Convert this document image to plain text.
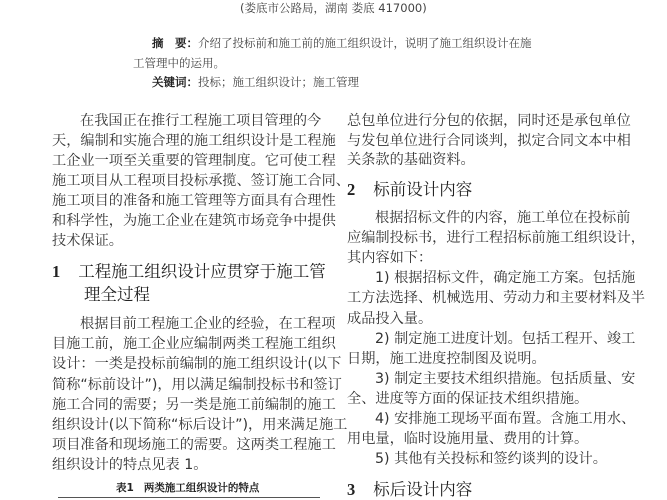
(娄底市公路局，湖南 娄底 417000)
摘　要：介绍了投标前和施工前的施工组织设计，说明了施工组织设计在施
工管理中的运用。
关键词：投标；施工组织设计；施工管理
在我国正在推行工程施工项目管理的今
天，编制和实施合理的施工组织设计是工程施
工企业一项至关重要的管理制度。它可使工程
施工项目从工程项目投标承揽、签订施工合同、
施工项目的准备和施工管理等方面具有合理性
和科学性，为施工企业在建筑市场竞争中提供
技术保证。
根据目前工程施工企业的经验，在工程项
目施工前，施工企业应编制两类工程施工组织
设计：一类是投标前编制的施工组织设计(以下
简称“标前设计”)，用以满足编制投标书和签订
施工合同的需要；另一类是施工前编制的施工
组织设计(以下简称“标后设计”)，用来满足施工
项目准备和现场施工的需要。这两类工程施工
组织设计的特点见表 1。
总包单位进行分包的依据，同时还是承包单位
与发包单位进行合同谈判，拟定合同文本中相
关条款的基础资料。
根据招标文件的内容，施工单位在投标前
应编制投标书，进行工程招标前施工组织设计，
其内容如下：
1) 根据招标文件，确定施工方案。包括施
工方法选择、机械选用、劳动力和主要材料及半
成品投入量。
2) 制定施工进度计划。包括工程开、竣工
日期，施工进度控制图及说明。
3) 制定主要技术组织措施。包括质量、安
全、进度等方面的保证技术组织措施。
4) 安排施工现场平面布置。含施工用水、
用电量，临时设施用量、费用的计算。
5) 其他有关投标和签约谈判的设计。
1 工程施工组织设计应贯穿于施工管
理全过程
表1 两类施工组织设计的特点
2 标前设计内容
3 标后设计内容
